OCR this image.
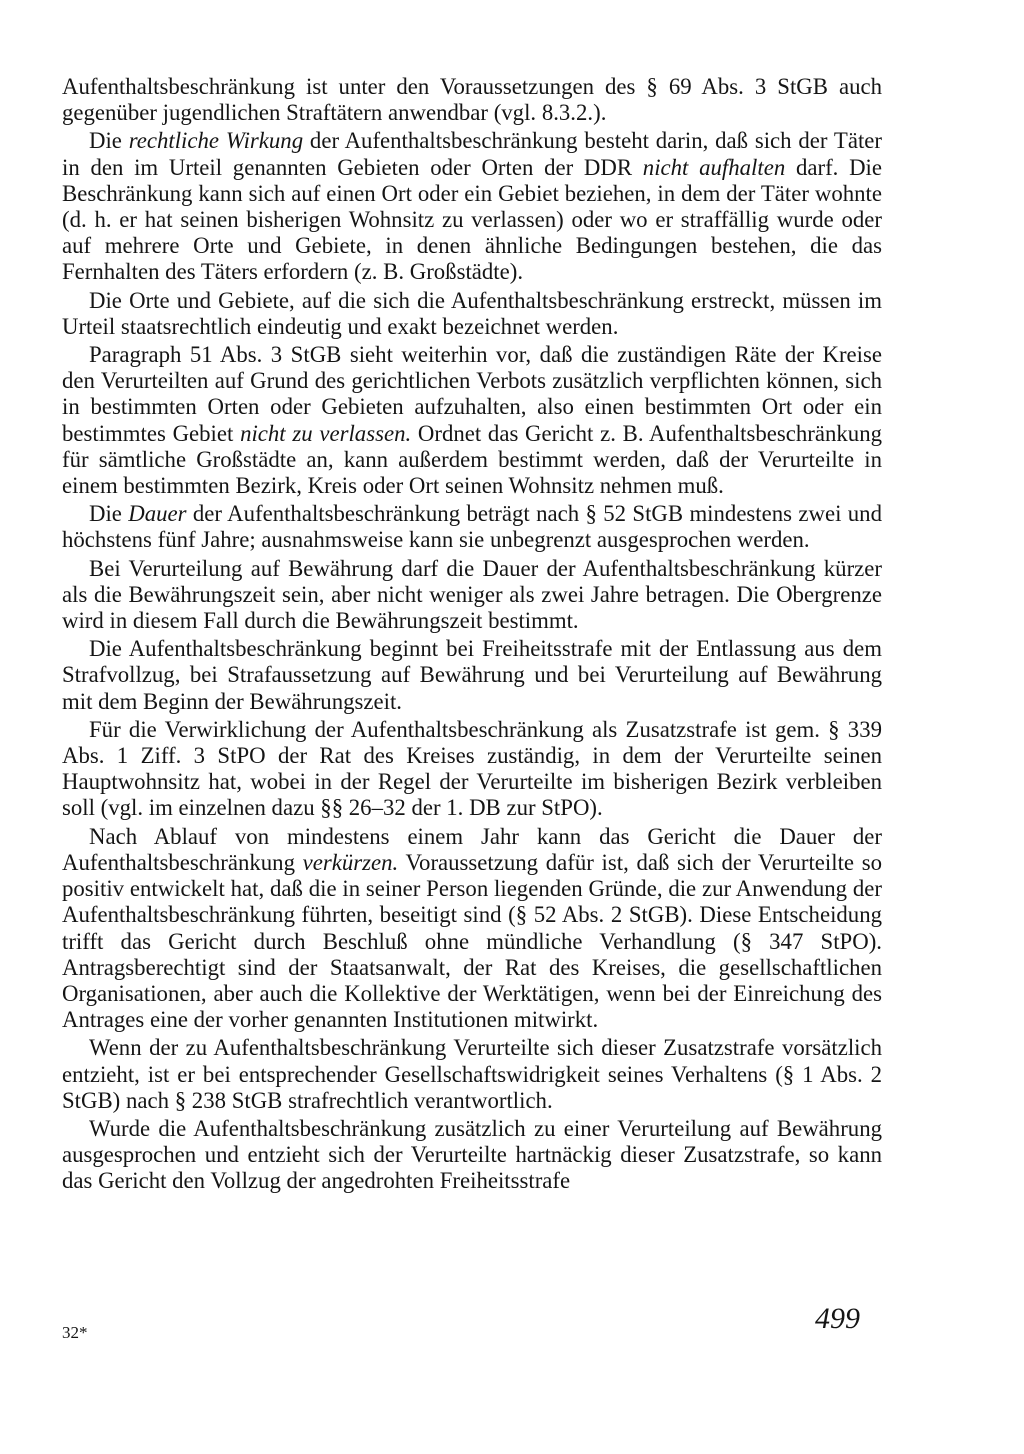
Aufenthaltsbeschränkung ist unter den Voraussetzungen des § 69 Abs. 3 StGB auch gegenüber jugendlichen Straftätern anwendbar (vgl. 8.3.2.).

Die rechtliche Wirkung der Aufenthaltsbeschränkung besteht darin, daß sich der Täter in den im Urteil genannten Gebieten oder Orten der DDR nicht aufhalten darf. Die Beschränkung kann sich auf einen Ort oder ein Gebiet beziehen, in dem der Täter wohnte (d. h. er hat seinen bisherigen Wohnsitz zu verlassen) oder wo er straffällig wurde oder auf mehrere Orte und Gebiete, in denen ähnliche Bedingungen bestehen, die das Fernhalten des Täters erfordern (z. B. Großstädte).

Die Orte und Gebiete, auf die sich die Aufenthaltsbeschränkung erstreckt, müssen im Urteil staatsrechtlich eindeutig und exakt bezeichnet werden.

Paragraph 51 Abs. 3 StGB sieht weiterhin vor, daß die zuständigen Räte der Kreise den Verurteilten auf Grund des gerichtlichen Verbots zusätzlich verpflichten können, sich in bestimmten Orten oder Gebieten aufzuhalten, also einen bestimmten Ort oder ein bestimmtes Gebiet nicht zu verlassen. Ordnet das Gericht z. B. Aufenthaltsbeschränkung für sämtliche Großstädte an, kann außerdem bestimmt werden, daß der Verurteilte in einem bestimmten Bezirk, Kreis oder Ort seinen Wohnsitz nehmen muß.

Die Dauer der Aufenthaltsbeschränkung beträgt nach § 52 StGB mindestens zwei und höchstens fünf Jahre; ausnahmsweise kann sie unbegrenzt ausgesprochen werden.

Bei Verurteilung auf Bewährung darf die Dauer der Aufenthaltsbeschränkung kürzer als die Bewährungszeit sein, aber nicht weniger als zwei Jahre betragen. Die Obergrenze wird in diesem Fall durch die Bewährungszeit bestimmt.

Die Aufenthaltsbeschränkung beginnt bei Freiheitsstrafe mit der Entlassung aus dem Strafvollzug, bei Strafaussetzung auf Bewährung und bei Verurteilung auf Bewährung mit dem Beginn der Bewährungszeit.

Für die Verwirklichung der Aufenthaltsbeschränkung als Zusatzstrafe ist gem. § 339 Abs. 1 Ziff. 3 StPO der Rat des Kreises zuständig, in dem der Verurteilte seinen Hauptwohnsitz hat, wobei in der Regel der Verurteilte im bisherigen Bezirk verbleiben soll (vgl. im einzelnen dazu §§ 26–32 der 1. DB zur StPO).

Nach Ablauf von mindestens einem Jahr kann das Gericht die Dauer der Aufenthaltsbeschränkung verkürzen. Voraussetzung dafür ist, daß sich der Verurteilte so positiv entwickelt hat, daß die in seiner Person liegenden Gründe, die zur Anwendung der Aufenthaltsbeschränkung führten, beseitigt sind (§ 52 Abs. 2 StGB). Diese Entscheidung trifft das Gericht durch Beschluß ohne mündliche Verhandlung (§ 347 StPO). Antragsberechtigt sind der Staatsanwalt, der Rat des Kreises, die gesellschaftlichen Organisationen, aber auch die Kollektive der Werktätigen, wenn bei der Einreichung des Antrages eine der vorher genannten Institutionen mitwirkt.

Wenn der zu Aufenthaltsbeschränkung Verurteilte sich dieser Zusatzstrafe vorsätzlich entzieht, ist er bei entsprechender Gesellschaftswidrigkeit seines Verhaltens (§ 1 Abs. 2 StGB) nach § 238 StGB strafrechtlich verantwortlich.

Wurde die Aufenthaltsbeschränkung zusätzlich zu einer Verurteilung auf Bewährung ausgesprochen und entzieht sich der Verurteilte hartnäckig dieser Zusatzstrafe, so kann das Gericht den Vollzug der angedrohten Freiheitsstrafe

32*	499
